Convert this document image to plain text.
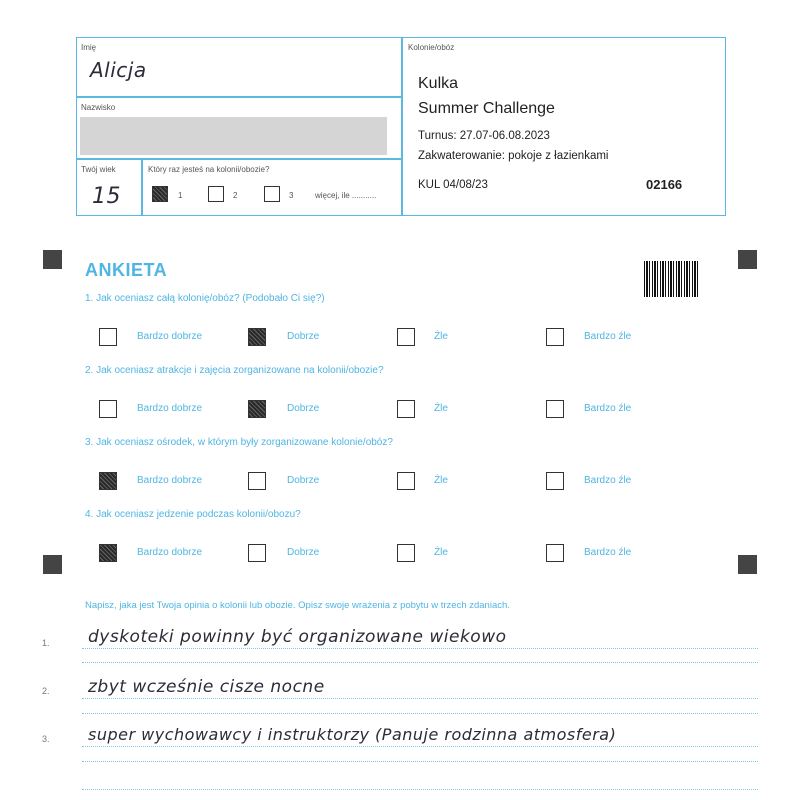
Imię
Alicja
Nazwisko
Twój wiek
15
Który raz jesteś na kolonii/obozie?
1	2	3	więcej, ile ...........
Kolonie/obóz
Kulka
Summer Challenge
Turnus: 27.07-06.08.2023
Zakwaterowanie: pokoje z łazienkami
KUL 04/08/23	02166
ANKIETA
1. Jak oceniasz całą kolonię/obóz? (Podobało Ci się?)
Bardzo dobrze	Dobrze	Źle	Bardzo źle
2. Jak oceniasz atrakcje i zajęcia zorganizowane na kolonii/obozie?
Bardzo dobrze	Dobrze	Źle	Bardzo źle
3. Jak oceniasz ośrodek, w którym były zorganizowane kolonie/obóz?
Bardzo dobrze	Dobrze	Źle	Bardzo źle
4. Jak oceniasz jedzenie podczas kolonii/obozu?
Bardzo dobrze	Dobrze	Źle	Bardzo źle
Napisz, jaka jest Twoja opinia o kolonii lub obozie. Opisz swoje wrażenia z pobytu w trzech zdaniach.
1. dyskoteki powinny być organizowane wiekowo
2. zbyt wcześnie cisze nocne
3. super wychowawcy i instruktorzy (Panuje rodzinna atmosfera)
